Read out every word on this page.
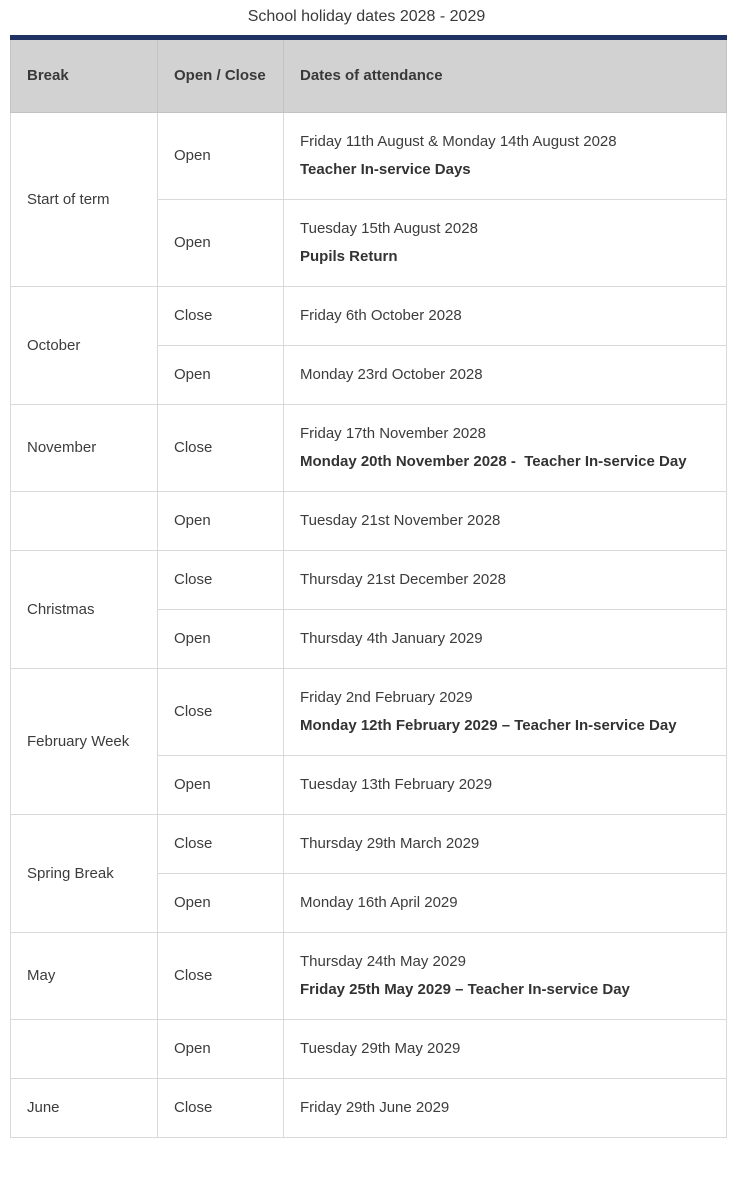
School holiday dates 2028 - 2029

Break	Open / Close	Dates of attendance
Start of term	Open	Friday 11th August & Monday 14th August 2028

Teacher In-service Days

	Open	Tuesday 15th August 2028

Pupils Return

October	Close	Friday 6th October 2028

	Open	Monday 23rd October 2028

November	Close	Friday 17th November 2028

Monday 20th November 2028 -  Teacher In-service Day

	Open	Tuesday 21st November 2028

Christmas	Close	Thursday 21st December 2028

	Open	Thursday 4th January 2029

February Week	Close	Friday 2nd February 2029

Monday 12th February 2029 – Teacher In-service Day

	Open	Tuesday 13th February 2029

Spring Break	Close	Thursday 29th March 2029

	Open	Monday 16th April 2029

May	Close	Thursday 24th May 2029

Friday 25th May 2029 – Teacher In-service Day

	Open	Tuesday 29th May 2029

June	Close	Friday 29th June 2029
